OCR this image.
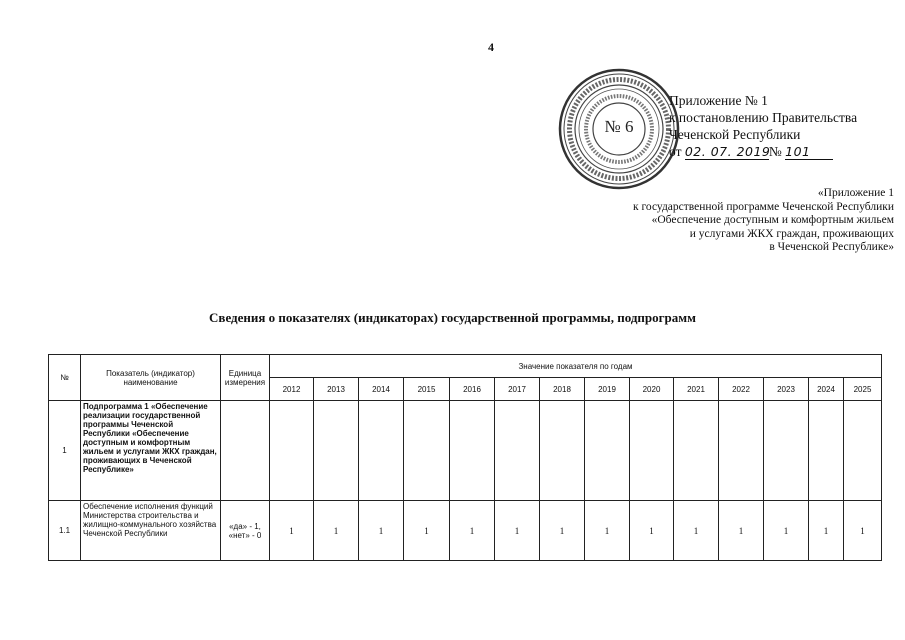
4
№ 6
Приложение № 1
к постановлению Правительства
Чеченской Республики
от 02. 07. 2019№ 101
«Приложение 1
к государственной программе Чеченской Республики
«Обеспечение доступным и комфортным жильем
и услугами ЖКХ граждан, проживающих
в Чеченской Республике»
Сведения о показателях (индикаторах) государственной программы, подпрограмм
№	Показатель (индикатор) наименование	Единица измерения	Значение показателя по годам													
			2012	2013	2014	2015	2016	2017	2018	2019	2020	2021	2022	2023	2024	2025
1	Подпрограмма 1 «Обеспечение реализации государственной программы Чеченской Республики «Обеспечение доступным и комфортным жильем и услугами ЖКХ граждан, проживающих в Чеченской Республике»															
1.1	Обеспечение исполнения функций Министерства строительства и жилищно-коммунального хозяйства Чеченской Республики	«да» - 1, «нет» - 0	1	1	1	1	1	1	1	1	1	1	1	1	1	1
